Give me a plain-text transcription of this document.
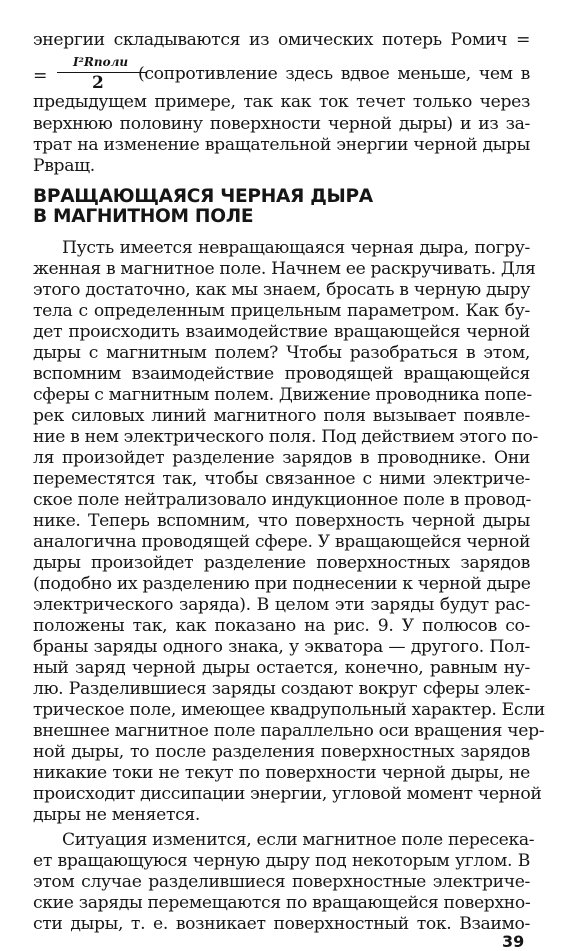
энергии складываются из омических потерь Pомич =
=
I²Rполи
2 (сопротивление здесь вдвое меньше, чем в
предыдущем примере, так как ток течет только через
верхнюю половину поверхности черной дыры) и из за-
трат на изменение вращательной энергии черной дыры
Pвращ.
ВРАЩАЮЩАЯСЯ ЧЕРНАЯ ДЫРА
В МАГНИТНОМ ПОЛЕ
Пусть имеется невращающаяся черная дыра, погру-
женная в магнитное поле. Начнем ее раскручивать. Для
этого достаточно, как мы знаем, бросать в черную дыру
тела с определенным прицельным параметром. Как бу-
дет происходить взаимодействие вращающейся черной
дыры с магнитным полем? Чтобы разобраться в этом,
вспомним взаимодействие проводящей вращающейся
сферы с магнитным полем. Движение проводника попе-
рек силовых линий магнитного поля вызывает появле-
ние в нем электрического поля. Под действием этого по-
ля произойдет разделение зарядов в проводнике. Они
переместятся так, чтобы связанное с ними электриче-
ское поле нейтрализовало индукционное поле в провод-
нике. Теперь вспомним, что поверхность черной дыры
аналогична проводящей сфере. У вращающейся черной
дыры произойдет разделение поверхностных зарядов
(подобно их разделению при поднесении к черной дыре
электрического заряда). В целом эти заряды будут рас-
положены так, как показано на рис. 9. У полюсов со-
браны заряды одного знака, у экватора — другого. Пол-
ный заряд черной дыры остается, конечно, равным ну-
лю. Разделившиеся заряды создают вокруг сферы элек-
трическое поле, имеющее квадрупольный характер. Если
внешнее магнитное поле параллельно оси вращения чер-
ной дыры, то после разделения поверхностных зарядов
никакие токи не текут по поверхности черной дыры, не
происходит диссипации энергии, угловой момент черной
дыры не меняется.
Ситуация изменится, если магнитное поле пересека-
ет вращающуюся черную дыру под некоторым углом. В
этом случае разделившиеся поверхностные электриче-
ские заряды перемещаются по вращающейся поверхно-
сти дыры, т. е. возникает поверхностный ток. Взаимо-
39
